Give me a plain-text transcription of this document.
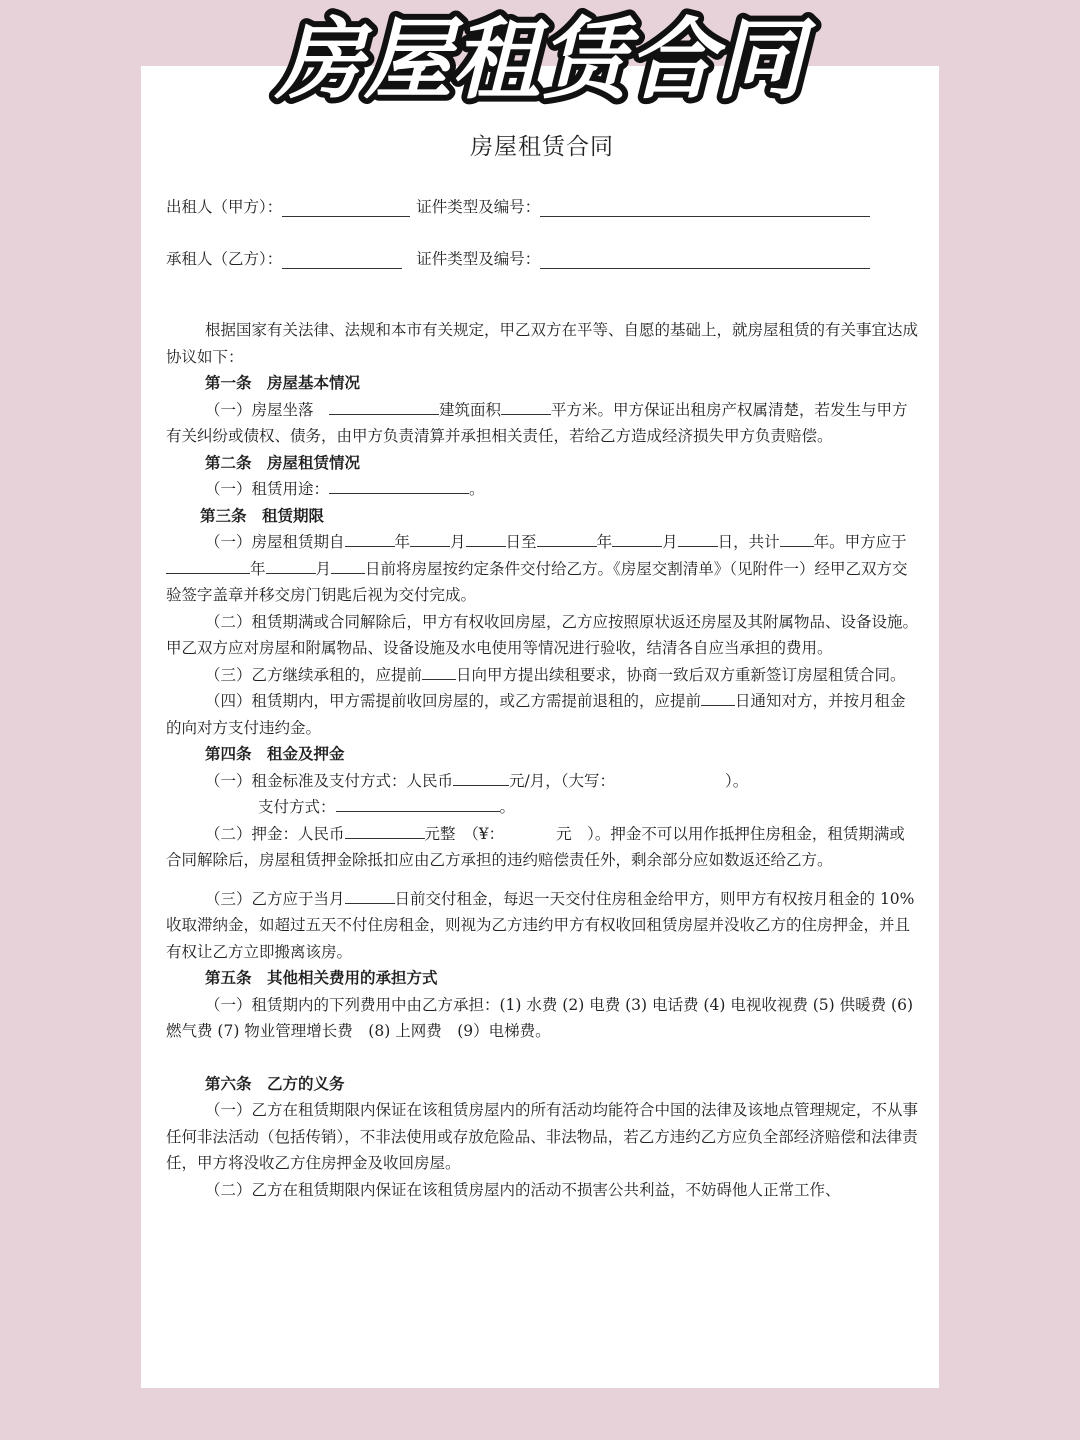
房屋租赁合同
房屋租赁合同
出租人（甲方）：	证件类型及编号：
承租人（乙方）：	证件类型及编号：
根据国家有关法律、法规和本市有关规定，甲乙双方在平等、自愿的基础上，就房屋租赁的有关事宜达成协议如下：
第一条　房屋基本情况

（一）房屋坐落　	建筑面积	平方米。甲方保证出租房产权属清楚，若发生与甲方有关纠纷或债权、债务，由甲方负责清算并承担相关责任，若给乙方造成经济损失甲方负责赔偿。

第二条　房屋租赁情况

（一）租赁用途：	。

第三条　租赁期限

（一）房屋租赁期自	年	月	日至	年	月	日，共计 年。甲方应于年	月 日前将房屋按约定条件交付给乙方。《房屋交割清单》（见附件一）经甲乙双方交验签字盖章并移交房门钥匙后视为交付完成。

（二）租赁期满或合同解除后，甲方有权收回房屋，乙方应按照原状返还房屋及其附属物品、设备设施。甲乙双方应对房屋和附属物品、设备设施及水电使用等情况进行验收，结清各自应当承担的费用。

（三）乙方继续承租的，应提前 日向甲方提出续租要求，协商一致后双方重新签订房屋租赁合同。

（四）租赁期内，甲方需提前收回房屋的，或乙方需提前退租的，应提前 日通知对方，并按月租金的向对方支付违约金。

第四条　租金及押金

（一）租金标准及支付方式：人民币	元/月，（大写：	）。

支付方式：	。

（二）押金：人民币	元整　（¥：	元　）。押金不可以用作抵押住房租金，租赁期满或合同解除后，房屋租赁押金除抵扣应由乙方承担的违约赔偿责任外，剩余部分应如数返还给乙方。

（三）乙方应于当月	日前交付租金，每迟一天交付住房租金给甲方，则甲方有权按月租金的 10%收取滞纳金，如超过五天不付住房租金，则视为乙方违约甲方有权收回租赁房屋并没收乙方的住房押金，并且有权让乙方立即搬离该房。

第五条　其他相关费用的承担方式

（一）租赁期内的下列费用中由乙方承担：(1) 水费 (2) 电费 (3) 电话费 (4) 电视收视费 (5) 供暖费 (6) 燃气费 (7) 物业管理增长费　(8) 上网费　(9）电梯费。

第六条　乙方的义务

（一）乙方在租赁期限内保证在该租赁房屋内的所有活动均能符合中国的法律及该地点管理规定，不从事任何非法活动（包括传销），不非法使用或存放危险品、非法物品，若乙方违约乙方应负全部经济赔偿和法律责任，甲方将没收乙方住房押金及收回房屋。

（二）乙方在租赁期限内保证在该租赁房屋内的活动不损害公共利益，不妨碍他人正常工作、
